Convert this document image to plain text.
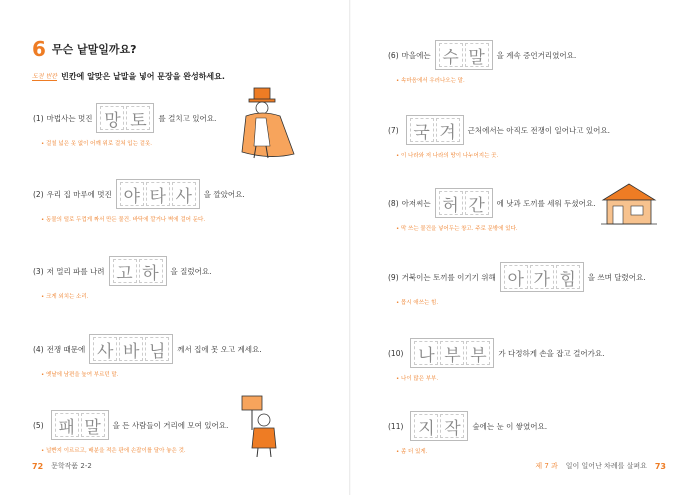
6 무슨 낱말일까요?
도전 빈칸 빈칸에 알맞은 낱말을 넣어 문장을 완성하세요.
(1) 마법사는 멋진 망 토	를 걸치고 있어요.
• 걸칠 넓은 옷 없이 어깨 위로 걸쳐 입는 겉옷.
(2) 우리 집 마루에 멋진 야 타 사	을 깔았어요.
• 동물의 털로 두껍게 짜서 만든 물건. 바닥에 깔거나 벽에 걸어 둔다.
(3) 저 멀리 파를 나려 고 하	을 질렀어요.
• 크게 외치는 소리.
(4) 전쟁 때문에 사 바 님	께서 집에 못 오고 계세요.
• 옛날에 남편을 높여 부르던 말.
(5) 패 말	을 든 사람들이 거리에 모여 있어요.
• 널빤지 이르르고, 배분을 적은 판에 손잡이를 달아 놓은 것.
72 문학작품 2-2
(6) 마을에는 수 말	을 계속 증언거리였어요.
• 속마음에서 우러나오는 말.
(7) 국 겨	근처에서는 아직도 전쟁이 일어나고 있어요.
• 이 나라와 저 나라의 땅이 나누어지는 곳.
(8) 아저씨는 허 간	에 낫과 도끼를 세워 두셨어요.
• 막 쓰는 물건을 넣어두는 창고. 주로 문밖에 있다.
(9) 거북이는 토끼를 이기기 위해 아 가 힘	을 쓰며 달렸어요.
• 몹시 애쓰는 힘.
(10) 나 부 부	가 다정하게 손을 잡고 걸어가요.
• 나이 많은 부부.
(11) 지 작	숲에는 눈 이 쌓였어요.
• 좀 더 있게.
제 7 과 일이 일어난 차례를 살펴요 73
